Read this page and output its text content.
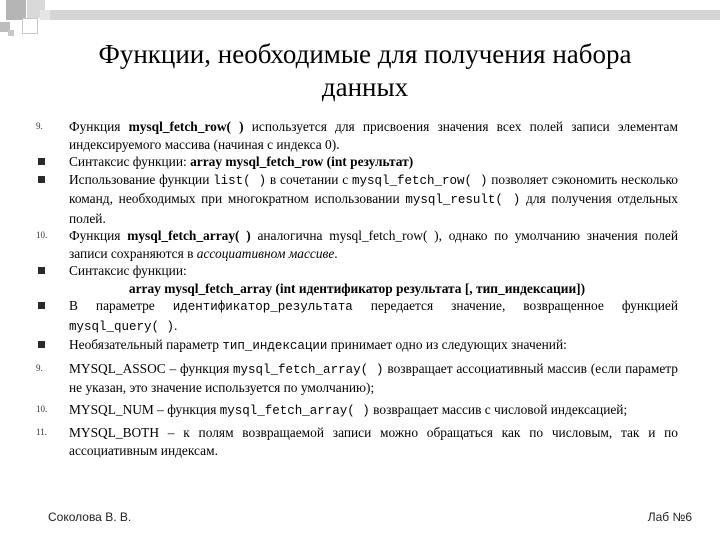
Функции, необходимые для получения набора
данных
9.	Функция mysql_fetch_row( ) используется для присвоения значения всех полей записи элементам индексируемого массива (начиная с индекса 0).
Синтаксис функции: array mysql_fetch_row (int результат)
Использование функции list( ) в сочетании с mysql_fetch_row( ) позволяет сэкономить несколько команд, необходимых при многократном использовании mysql_result( ) для получения отдельных полей.
10.	Функция mysql_fetch_array( ) аналогична mysql_fetch_row( ), однако по умолчанию значения полей записи сохраняются в ассоциативном массиве.
Синтаксис функции:
array mysql_fetch_array (int идентификатор результата [, тип_индексации])
В параметре идентификатор_результата передается значение, возвращенное функцией mysql_query( ).
Необязательный параметр тип_индексации принимает одно из следующих значений:
9.	MYSQL_ASSOC – функция mysql_fetch_array( ) возвращает ассоциативный массив (если параметр не указан, это значение используется по умолчанию);
10.	MYSQL_NUM – функция mysql_fetch_array( ) возвращает массив с числовой индексацией;
11.	MYSQL_BOTH – к полям возвращаемой записи можно обращаться как по числовым, так и по ассоциативным индексам.
Соколова В. В.	Лаб №6
